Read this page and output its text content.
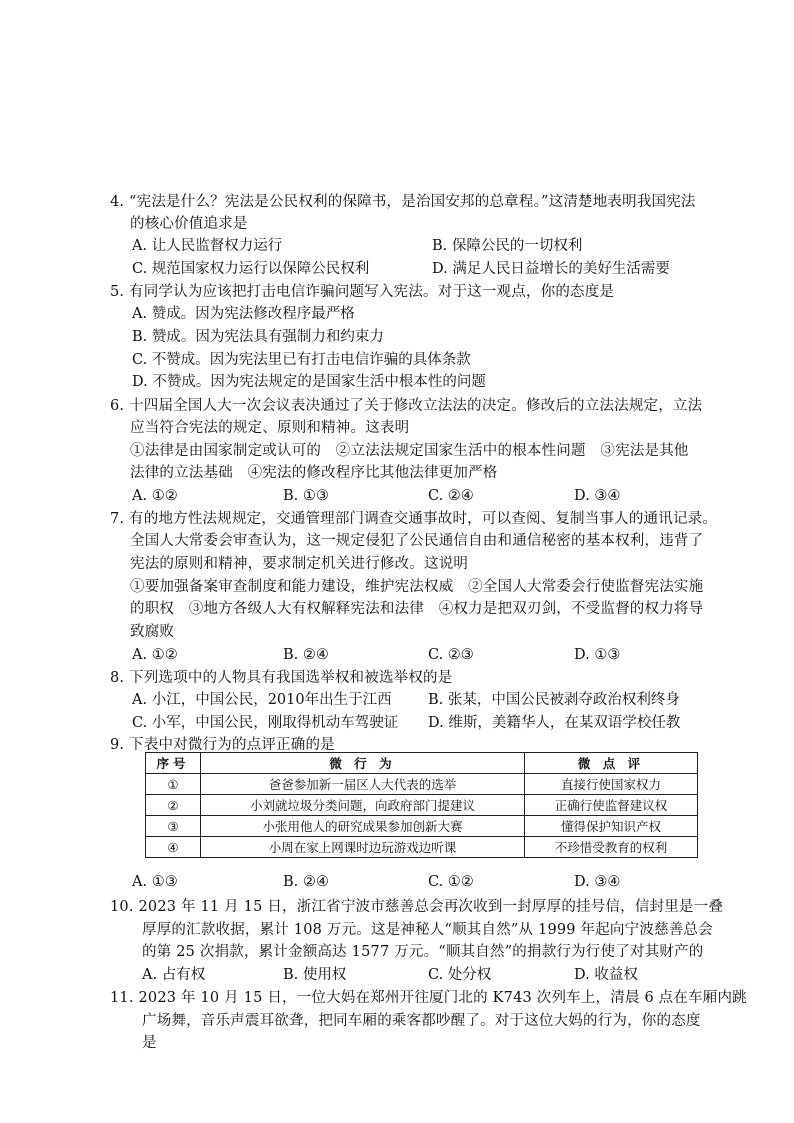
4. “宪法是什么？宪法是公民权利的保障书，是治国安邦的总章程。”这清楚地表明我国宪法
的核心价值追求是
A. 让人民监督权力运行	B. 保障公民的一切权利
C. 规范国家权力运行以保障公民权利	D. 满足人民日益增长的美好生活需要
5. 有同学认为应该把打击电信诈骗问题写入宪法。对于这一观点，你的态度是
A. 赞成。因为宪法修改程序最严格
B. 赞成。因为宪法具有强制力和约束力
C. 不赞成。因为宪法里已有打击电信诈骗的具体条款
D. 不赞成。因为宪法规定的是国家生活中根本性的问题
6. 十四届全国人大一次会议表决通过了关于修改立法法的决定。修改后的立法法规定，立法
应当符合宪法的规定、原则和精神。这表明
①法律是由国家制定或认可的　②立法法规定国家生活中的根本性问题　③宪法是其他
法律的立法基础　④宪法的修改程序比其他法律更加严格
A. ①②	B. ①③	C. ②④	D. ③④
7. 有的地方性法规规定，交通管理部门调查交通事故时，可以查阅、复制当事人的通讯记录。
全国人大常委会审查认为，这一规定侵犯了公民通信自由和通信秘密的基本权利，违背了
宪法的原则和精神，要求制定机关进行修改。这说明
①要加强备案审查制度和能力建设，维护宪法权威　②全国人大常委会行使监督宪法实施
的职权　③地方各级人大有权解释宪法和法律　④权力是把双刃剑，不受监督的权力将导
致腐败
A. ①②	B. ②④	C. ②③	D. ①③
8. 下列选项中的人物具有我国选举权和被选举权的是
A. 小江，中国公民，2010年出生于江西	B. 张某，中国公民被剥夺政治权利终身
C. 小军，中国公民，刚取得机动车驾驶证 D. 维斯，美籍华人，在某双语学校任教
9. 下表中对微行为的点评正确的是
序号	微 行 为	微 点 评
①	爸爸参加新一届区人大代表的选举	直接行使国家权力
②	小刘就垃圾分类问题，向政府部门提建议	正确行使监督建议权
③	小张用他人的研究成果参加创新大赛	懂得保护知识产权
④	小周在家上网课时边玩游戏边听课	不珍惜受教育的权利
A. ①③	B. ②④	C. ①②	D. ③④
10. 2023 年 11 月 15 日，浙江省宁波市慈善总会再次收到一封厚厚的挂号信，信封里是一叠
厚厚的汇款收据，累计 108 万元。这是神秘人“顺其自然”从 1999 年起向宁波慈善总会
的第 25 次捐款，累计金额高达 1577 万元。“顺其自然”的捐款行为行使了对其财产的
A. 占有权	B. 使用权	C. 处分权	D. 收益权
11. 2023 年 10 月 15 日，一位大妈在郑州开往厦门北的 K743 次列车上，清晨 6 点在车厢内跳
广场舞，音乐声震耳欲聋，把同车厢的乘客都吵醒了。对于这位大妈的行为，你的态度
是
